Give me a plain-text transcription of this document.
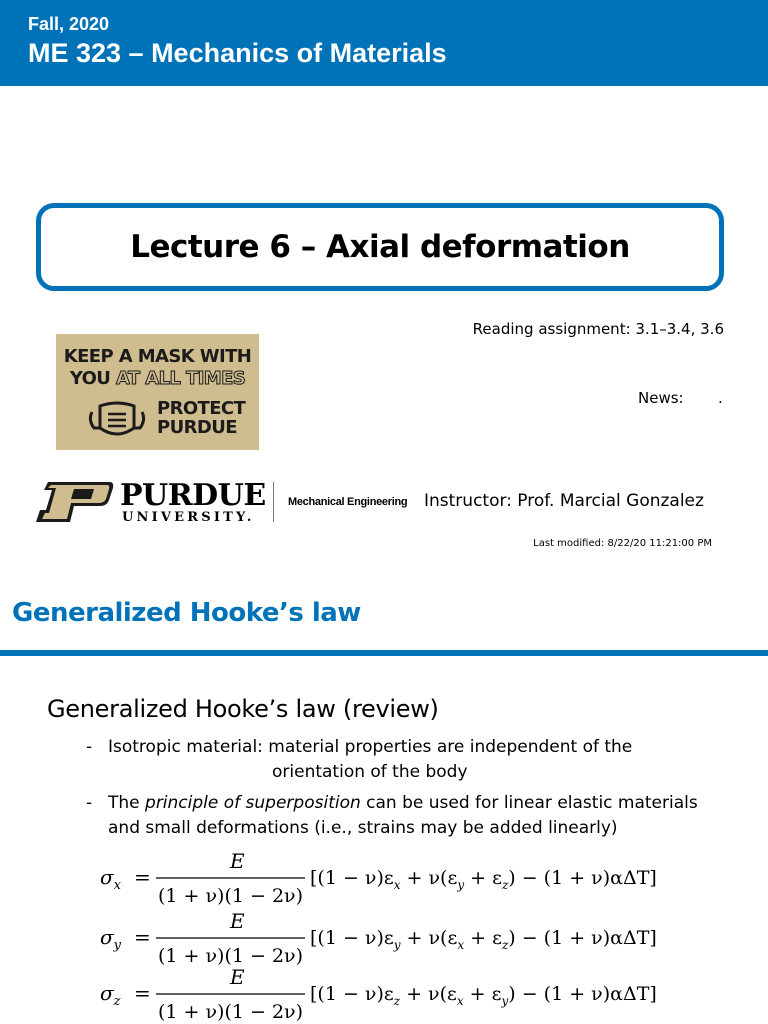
Fall, 2020
ME 323 – Mechanics of Materials
Lecture 6 – Axial deformation
Reading assignment: 3.1–3.4, 3.6
News: .
KEEP A MASK WITH
YOU AT ALL TIMES
PROTECT
PURDUE
PURDUE
UNIVERSITY.
Mechanical Engineering Instructor: Prof. Marcial Gonzalez
Last modified: 8/22/20 11:21:00 PM
Generalized Hooke’s law
Generalized Hooke’s law (review)
- Isotropic material: material properties are independent of the
orientation of the body
- The principle of superposition can be used for linear elastic materials
and small deformations (i.e., strains may be added linearly)
$\sigma_x$ =
E
(1 + ν)(1 − 2ν)
$[(1 - \nu)\varepsilon_x + \nu(\varepsilon_y + \varepsilon_z) - (1 + \nu)\alpha\Delta T]$
$\sigma_y$ =
E
(1 + ν)(1 − 2ν)
$[(1 - \nu)\varepsilon_y + \nu(\varepsilon_x + \varepsilon_z) - (1 + \nu)\alpha\Delta T]$
$\sigma_z$ =
E
(1 + ν)(1 − 2ν)
$[(1 - \nu)\varepsilon_z + \nu(\varepsilon_x + \varepsilon_y) - (1 + \nu)\alpha\Delta T]$
